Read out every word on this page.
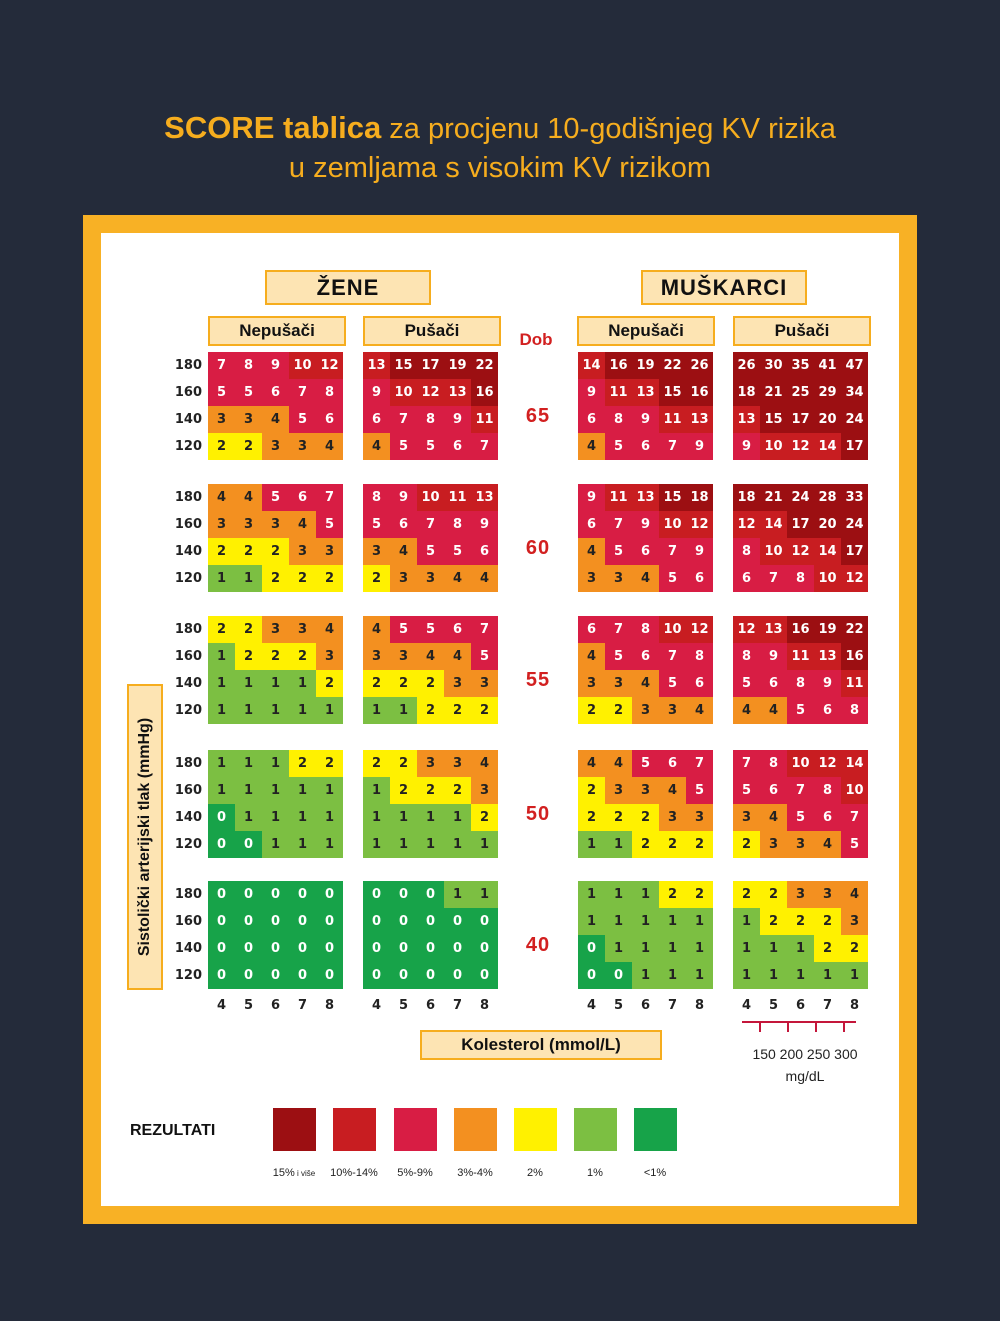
SCORE tablica za procjenu 10-godišnjeg KV rizika
u zemljama s visokim KV rizikom
ŽENE	MUŠKARCI
Nepušači	Pušači	Nepušači	Pušači
Dob
Sistolički arterijski tlak (mmHg)
Kolesterol (mmol/L)	150 200 250 300
mg/dL
REZULTATI
7	8	9	10 12
5	5	6	7	8
3	3	4	5	6
2	2	3	3	4
13 15 17 19 22
9	10 12 13 16
6	7	8	9	11
4	5	5	6	7
14 16 19 22 26
9	11 13 15 16
6	8	9	11 13
4	5	6	7	9
26 30 35 41 47
18 21 25 29 34
13 15 17 20 24
9	10 12 14 17
180
160
140
120
65
4	4	5	6	7
3	3	3	4	5
2	2	2	3	3
1	1	2	2	2
8	9	10 11 13
5	6	7	8	9
3	4	5	5	6
2	3	3	4	4
9	11 13 15 18
6	7	9	10 12
4	5	6	7	9
3	3	4	5	6
18 21 24 28 33
12 14 17 20 24
8	10 12 14 17
6	7	8	10 12
180
160
140
120
60
2	2	3	3	4
1	2	2	2	3
1	1	1	1	2
1	1	1	1	1
4	5	5	6	7
3	3	4	4	5
2	2	2	3	3
1	1	2	2	2
6	7	8	10 12
4	5	6	7	8
3	3	4	5	6
2	2	3	3	4
12 13 16 19 22
8	9	11 13 16
5	6	8	9	11
4	4	5	6	8
180
160
140
120
55
1	1	1	2	2
1	1	1	1	1
0	1	1	1	1
0	0	1	1	1
2	2	3	3	4
1	2	2	2	3
1	1	1	1	2
1	1	1	1	1
4	4	5	6	7
2	3	3	4	5
2	2	2	3	3
1	1	2	2	2
7	8	10 12 14
5	6	7	8	10
3	4	5	6	7
2	3	3	4	5
180
160
140
120
50
0	0	0	0	0
0	0	0	0	0
0	0	0	0	0
0	0	0	0	0
0	0	0	1	1
0	0	0	0	0
0	0	0	0	0
0	0	0	0	0
1	1	1	2	2
1	1	1	1	1
0	1	1	1	1
0	0	1	1	1
2	2	3	3	4
1	2	2	2	3
1	1	1	2	2
1	1	1	1	1
180
160
140
120
40
4	5	6	7	8	4	5	6	7	8	4	5	6	7	8	4	5	6	7	8
15% i više	10%-14%	5%-9%	3%-4%	2%	1%	<1%
